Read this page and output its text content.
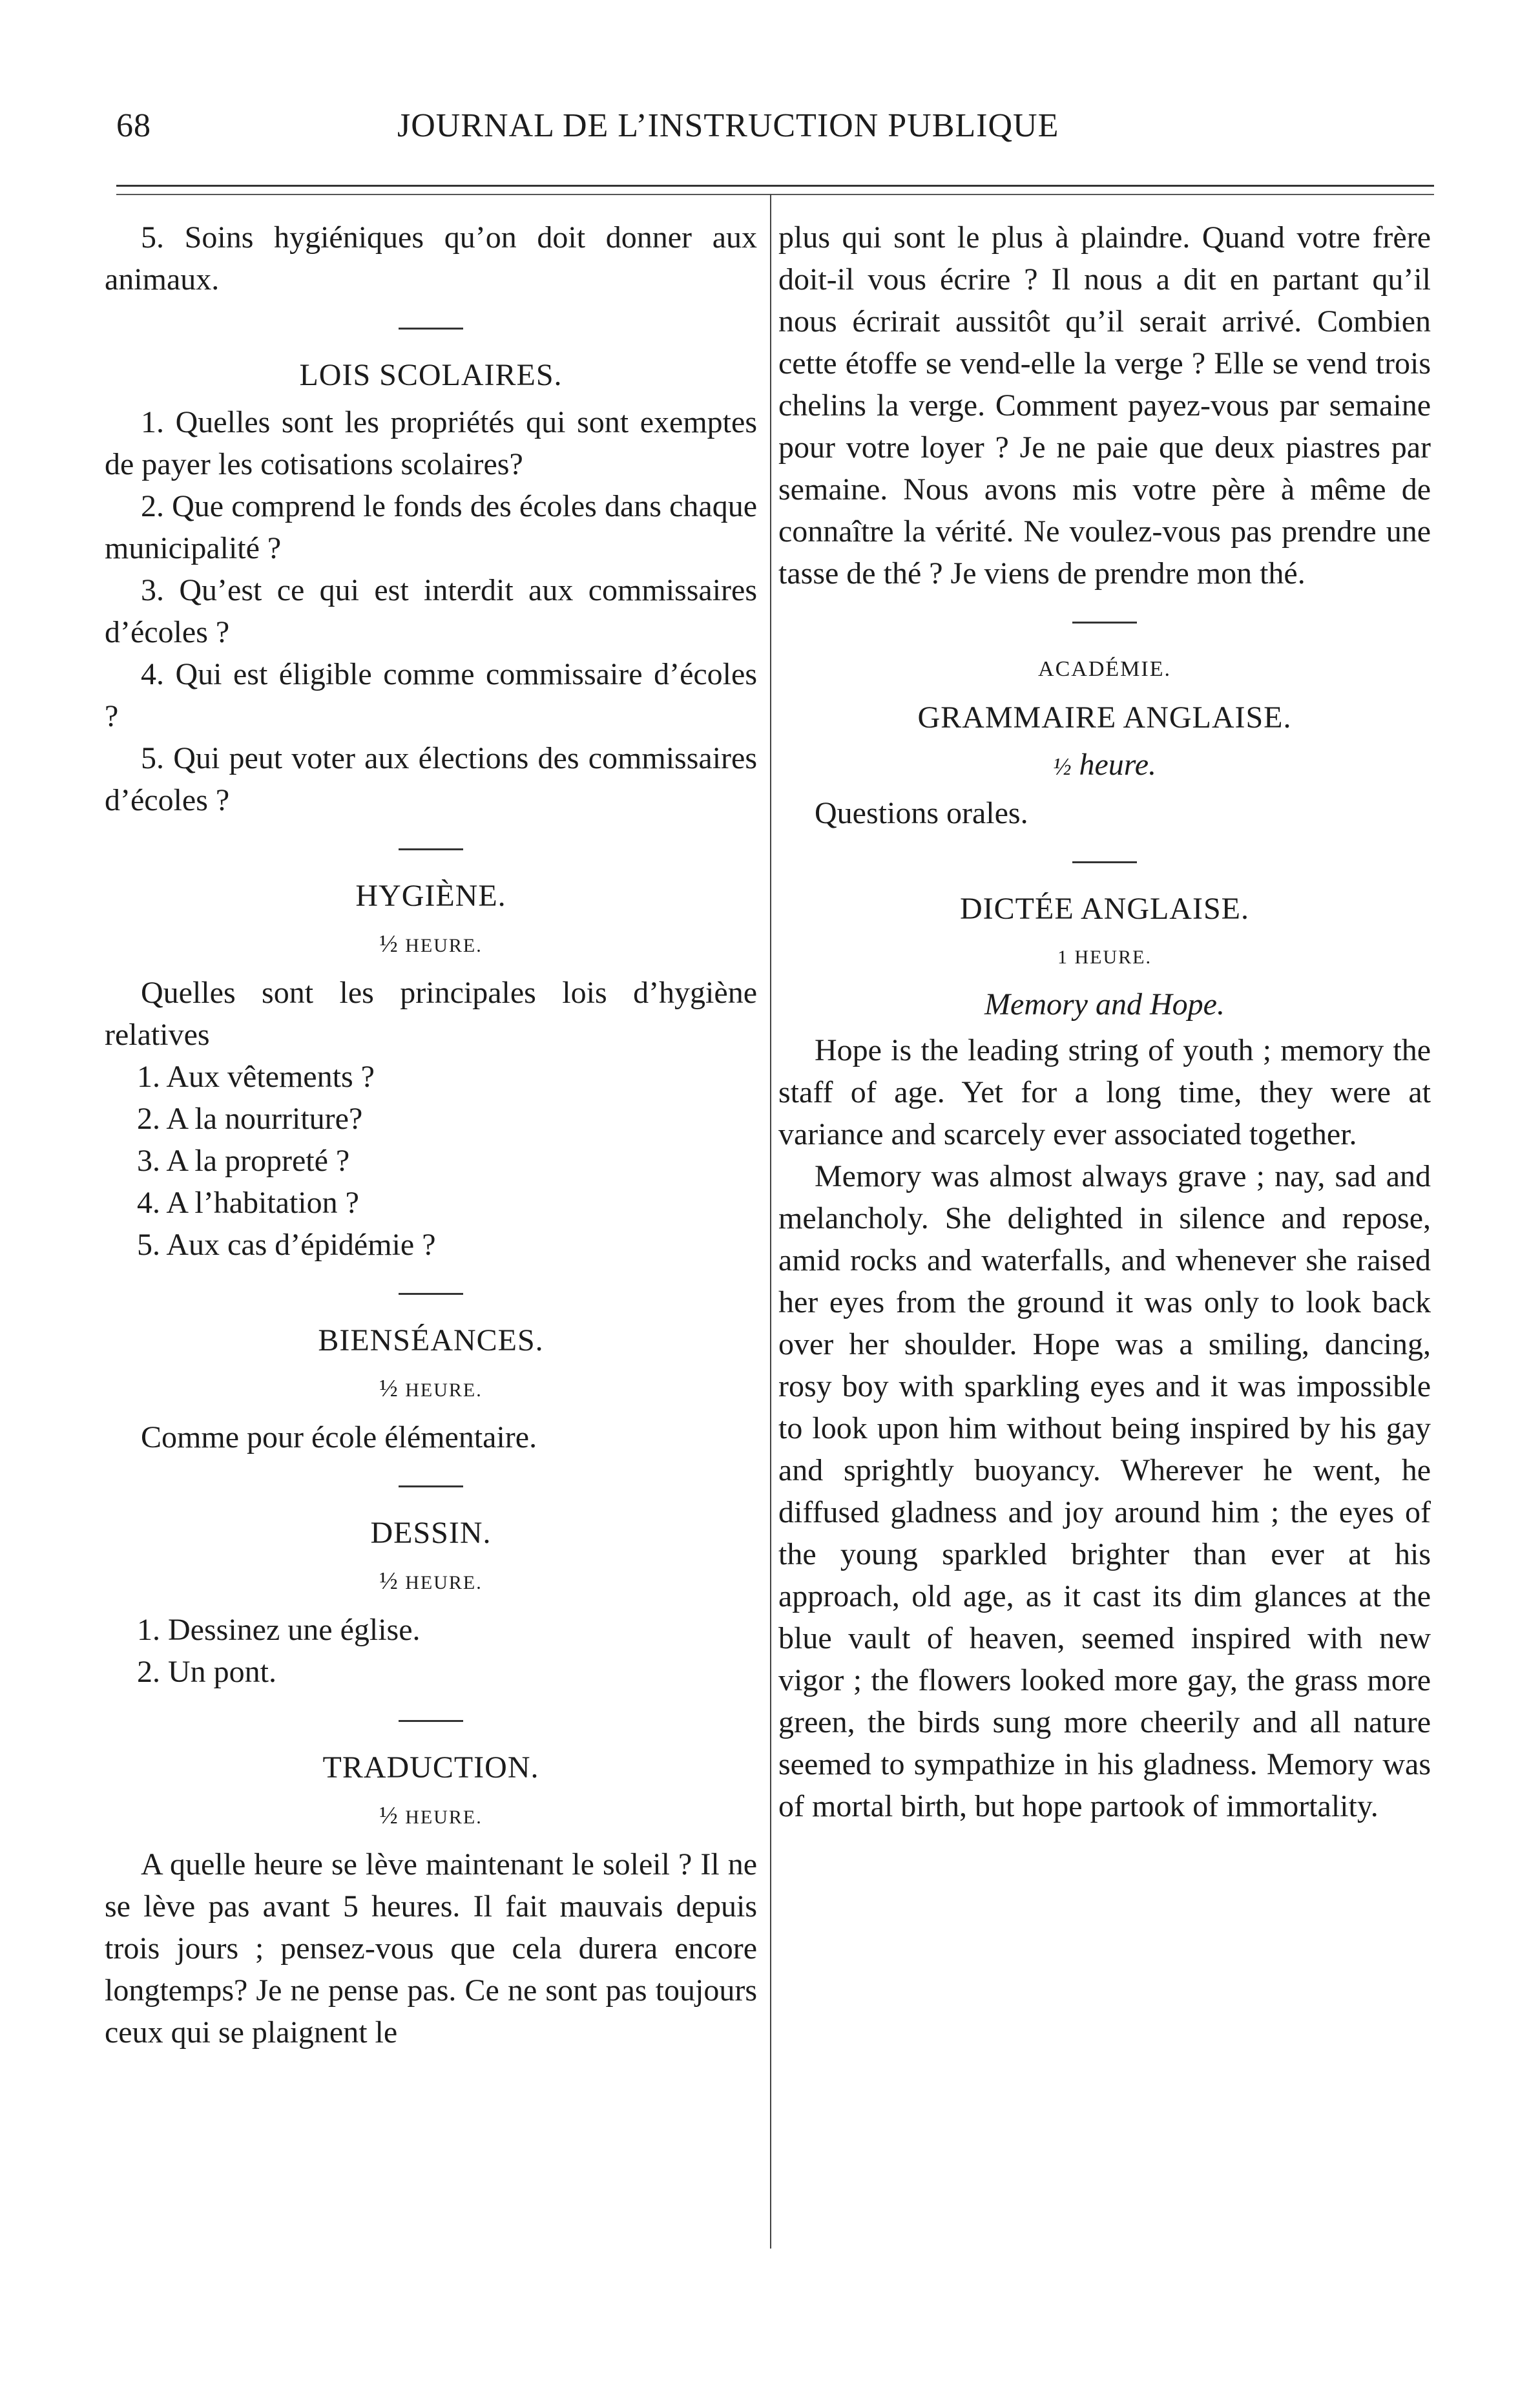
68	JOURNAL DE L’INSTRUCTION PUBLIQUE

5. Soins hygiéniques qu’on doit donner aux animaux.

LOIS SCOLAIRES.

1. Quelles sont les propriétés qui sont exemptes de payer les cotisations scolaires?

2. Que comprend le fonds des écoles dans chaque municipalité ?

3. Qu’est ce qui est interdit aux commissaires d’écoles ?

4. Qui est éligible comme commissaire d’écoles ?

5. Qui peut voter aux élections des commissaires d’écoles ?

HYGIÈNE.
½ HEURE.

Quelles sont les principales lois d’hygiène relatives

1. Aux vêtements ?

2. A la nourriture?

3. A la propreté ?

4. A l’habitation ?

5. Aux cas d’épidémie ?

BIENSÉANCES.
½ HEURE.

Comme pour école élémentaire.

DESSIN.
½ HEURE.

1. Dessinez une église.

2. Un pont.

TRADUCTION.
½ HEURE.

A quelle heure se lève maintenant le soleil ? Il ne se lève pas avant 5 heures. Il fait mauvais depuis trois jours ; pensez-vous que cela durera encore longtemps? Je ne pense pas. Ce ne sont pas toujours ceux qui se plaignent le

plus qui sont le plus à plaindre. Quand votre frère doit-il vous écrire ? Il nous a dit en partant qu’il nous écrirait aussitôt qu’il serait arrivé. Combien cette étoffe se vend-elle la verge ? Elle se vend trois chelins la verge. Comment payez-vous par semaine pour votre loyer ? Je ne paie que deux piastres par semaine. Nous avons mis votre père à même de connaître la vérité. Ne voulez-vous pas prendre une tasse de thé ? Je viens de prendre mon thé.

ACADÉMIE.
GRAMMAIRE ANGLAISE.
½ heure.

Questions orales.

DICTÉE ANGLAISE.
1 HEURE.
Memory and Hope.

Hope is the leading string of youth ; memory the staff of age. Yet for a long time, they were at variance and scarcely ever associated together.

Memory was almost always grave ; nay, sad and melancholy. She delighted in silence and repose, amid rocks and waterfalls, and whenever she raised her eyes from the ground it was only to look back over her shoulder. Hope was a smiling, dancing, rosy boy with sparkling eyes and it was impossible to look upon him without being inspired by his gay and sprightly buoyancy. Wherever he went, he diffused gladness and joy around him ; the eyes of the young sparkled brighter than ever at his approach, old age, as it cast its dim glances at the blue vault of heaven, seemed inspired with new vigor ; the flowers looked more gay, the grass more green, the birds sung more cheerily and all nature seemed to sympathize in his gladness. Memory was of mortal birth, but hope partook of immortality.
